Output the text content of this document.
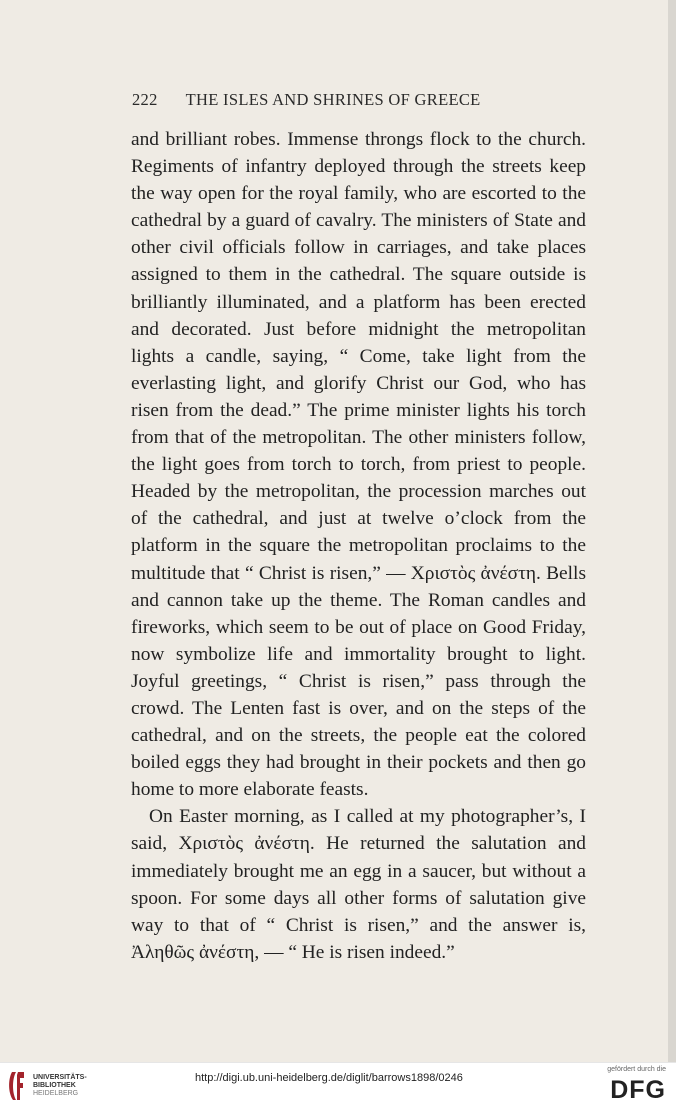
222 THE ISLES AND SHRINES OF GREECE

and brilliant robes. Immense throngs flock to the church. Regiments of infantry deployed through the streets keep the way open for the royal family, who are escorted to the cathedral by a guard of cavalry. The ministers of State and other civil officials follow in carriages, and take places assigned to them in the cathedral. The square outside is brilliantly illuminated, and a platform has been erected and decorated. Just before midnight the metropolitan lights a candle, saying, “ Come, take light from the everlasting light, and glorify Christ our God, who has risen from the dead.” The prime minister lights his torch from that of the metropolitan. The other ministers follow, the light goes from torch to torch, from priest to people. Headed by the metropolitan, the procession marches out of the cathedral, and just at twelve o’clock from the platform in the square the metropolitan proclaims to the multitude that “ Christ is risen,” — Χριστὸς ἀνέστη. Bells and cannon take up the theme. The Roman candles and fireworks, which seem to be out of place on Good Friday, now symbolize life and immortality brought to light. Joyful greetings, “ Christ is risen,” pass through the crowd. The Lenten fast is over, and on the steps of the cathedral, and on the streets, the people eat the colored boiled eggs they had brought in their pockets and then go home to more elaborate feasts.

On Easter morning, as I called at my photographer’s, I said, Χριστὸς ἀνέστη. He returned the salutation and immediately brought me an egg in a saucer, but without a spoon. For some days all other forms of salutation give way to that of “ Christ is risen,” and the answer is, Ἀληθῶς ἀνέστη, — “ He is risen indeed.”

UNIVERSITÄTS-
BIBLIOTHEK
HEIDELBERG
http://digi.ub.uni-heidelberg.de/diglit/barrows1898/0246
gefördert durch die
DFG
